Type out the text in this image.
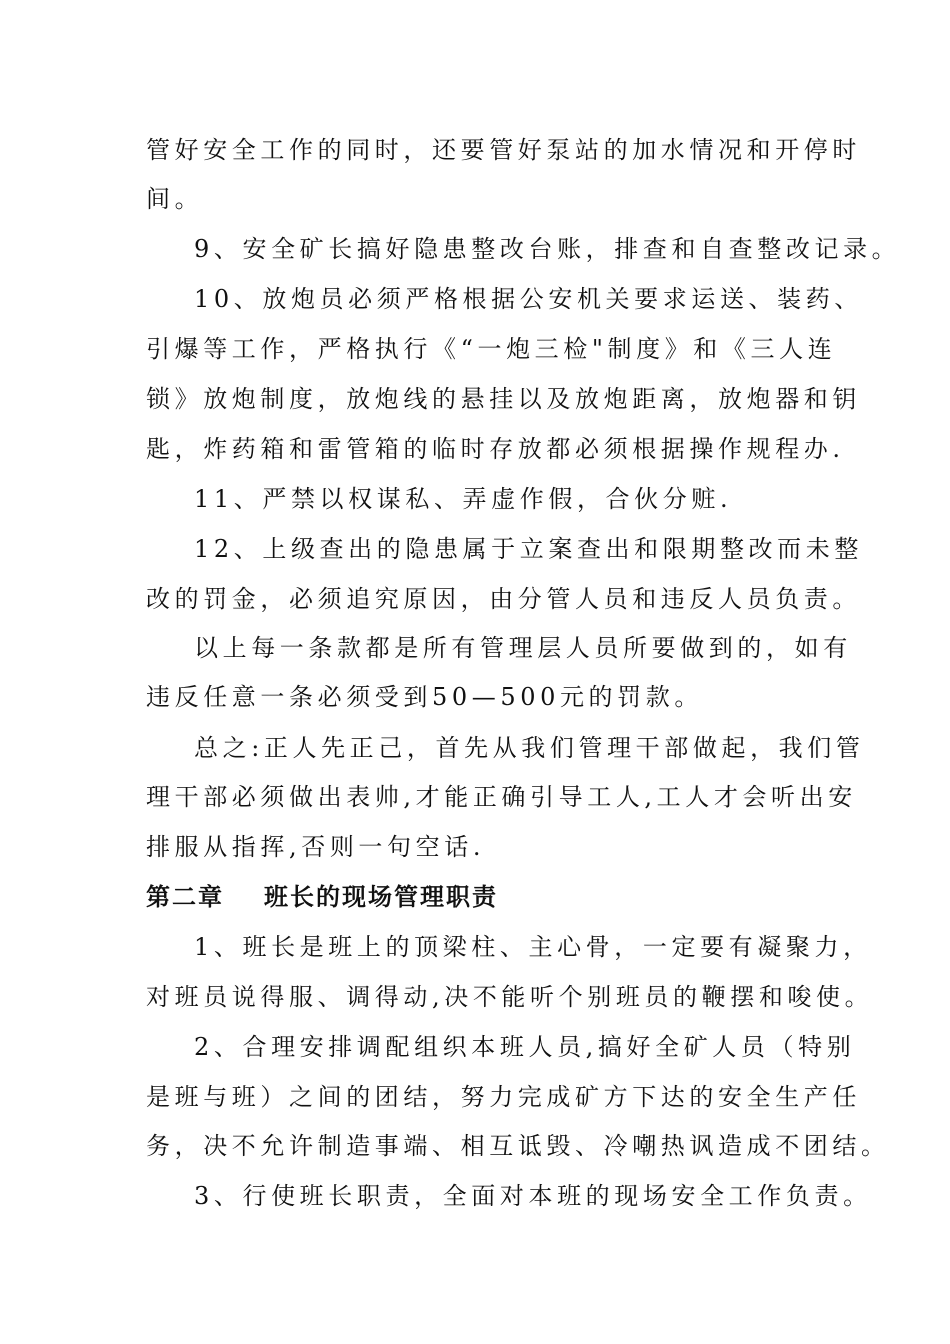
管好安全工作的同时，还要管好泵站的加水情况和开停时
间。
9、安全矿长搞好隐患整改台账，排查和自查整改记录。
10、放炮员必须严格根据公安机关要求运送、装药、
引爆等工作，严格执行《“一炮三检"制度》和《三人连
锁》放炮制度，放炮线的悬挂以及放炮距离，放炮器和钥
匙，炸药箱和雷管箱的临时存放都必须根据操作规程办.
11、严禁以权谋私、弄虚作假，合伙分赃.
12、上级查出的隐患属于立案查出和限期整改而未整
改的罚金，必须追究原因，由分管人员和违反人员负责。
以上每一条款都是所有管理层人员所要做到的，如有
违反任意一条必须受到50—500元的罚款。
总之:正人先正己，首先从我们管理干部做起，我们管
理干部必须做出表帅,才能正确引导工人,工人才会听出安
排服从指挥,否则一句空话.
第二章 班长的现场管理职责
1、班长是班上的顶梁柱、主心骨，一定要有凝聚力，
对班员说得服、调得动,决不能听个别班员的鞭摆和唆使。
2、合理安排调配组织本班人员,搞好全矿人员（特别
是班与班）之间的团结，努力完成矿方下达的安全生产任
务，决不允许制造事端、相互诋毁、冷嘲热讽造成不团结。
3、行使班长职责，全面对本班的现场安全工作负责。
